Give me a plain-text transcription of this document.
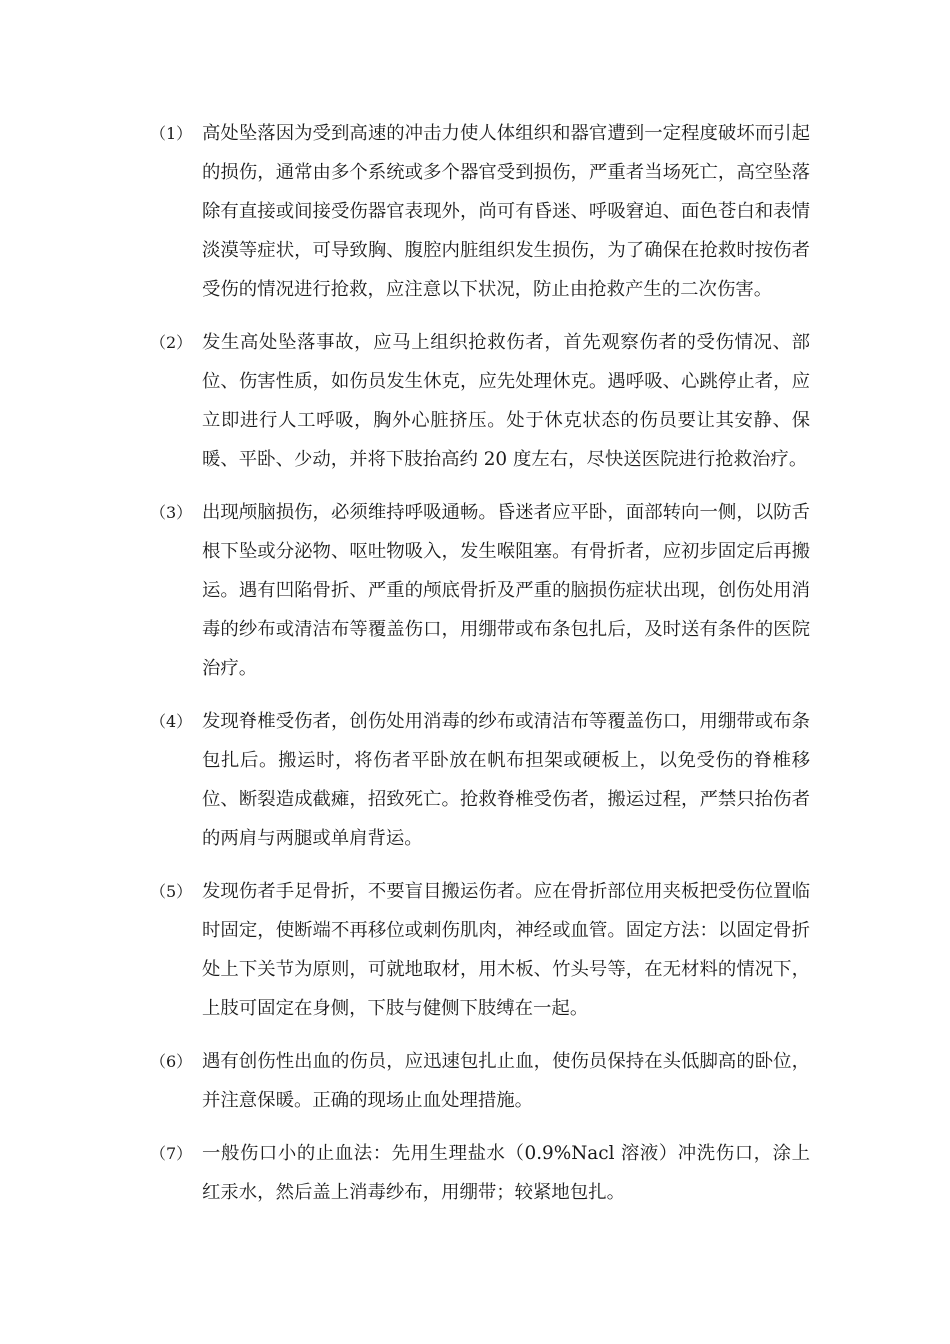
（1） 高处坠落因为受到高速的冲击力使人体组织和器官遭到一定程度破坏而引起的损伤，通常由多个系统或多个器官受到损伤，严重者当场死亡，高空坠落除有直接或间接受伤器官表现外，尚可有昏迷、呼吸窘迫、面色苍白和表情淡漠等症状，可导致胸、腹腔内脏组织发生损伤，为了确保在抢救时按伤者受伤的情况进行抢救，应注意以下状况，防止由抢救产生的二次伤害。
（2） 发生高处坠落事故，应马上组织抢救伤者，首先观察伤者的受伤情况、部位、伤害性质，如伤员发生休克，应先处理休克。遇呼吸、心跳停止者，应立即进行人工呼吸，胸外心脏挤压。处于休克状态的伤员要让其安静、保暖、平卧、少动，并将下肢抬高约 20 度左右，尽快送医院进行抢救治疗。
（3） 出现颅脑损伤，必须维持呼吸通畅。昏迷者应平卧，面部转向一侧，以防舌根下坠或分泌物、呕吐物吸入，发生喉阻塞。有骨折者，应初步固定后再搬运。遇有凹陷骨折、严重的颅底骨折及严重的脑损伤症状出现，创伤处用消毒的纱布或清洁布等覆盖伤口，用绷带或布条包扎后，及时送有条件的医院治疗。
（4） 发现脊椎受伤者，创伤处用消毒的纱布或清洁布等覆盖伤口，用绷带或布条包扎后。搬运时，将伤者平卧放在帆布担架或硬板上，以免受伤的脊椎移位、断裂造成截瘫，招致死亡。抢救脊椎受伤者，搬运过程，严禁只抬伤者的两肩与两腿或单肩背运。
（5） 发现伤者手足骨折，不要盲目搬运伤者。应在骨折部位用夹板把受伤位置临时固定，使断端不再移位或刺伤肌肉，神经或血管。固定方法：以固定骨折处上下关节为原则，可就地取材，用木板、竹头号等，在无材料的情况下，上肢可固定在身侧，下肢与健侧下肢缚在一起。
（6） 遇有创伤性出血的伤员，应迅速包扎止血，使伤员保持在头低脚高的卧位，并注意保暖。正确的现场止血处理措施。
（7） 一般伤口小的止血法：先用生理盐水（0.9%Nacl 溶液）冲洗伤口，涂上红汞水，然后盖上消毒纱布，用绷带；较紧地包扎。
